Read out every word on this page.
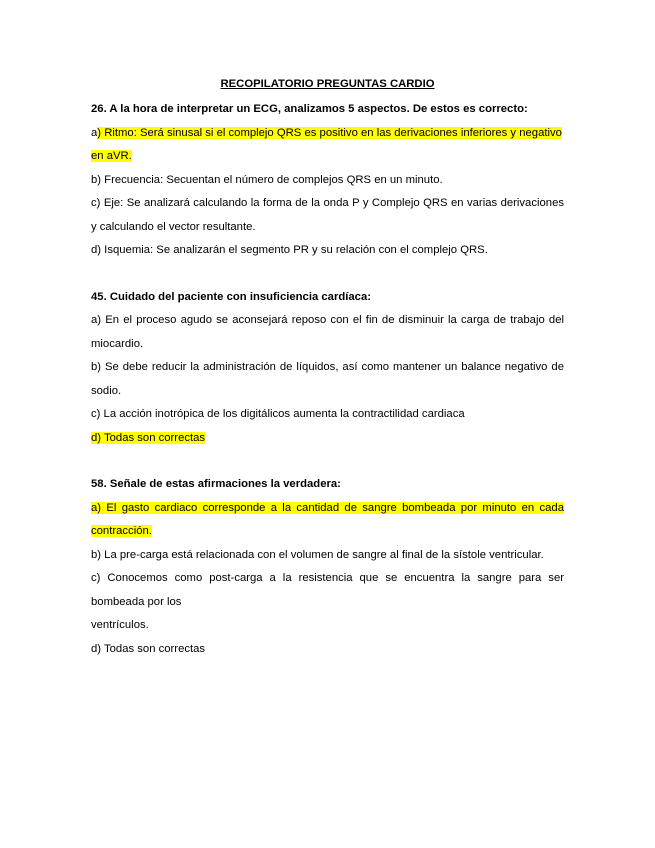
RECOPILATORIO PREGUNTAS CARDIO

26. A la hora de interpretar un ECG, analizamos 5 aspectos. De estos es correcto:

a) Ritmo: Será sinusal si el complejo QRS es positivo en las derivaciones inferiores y negativo en aVR.

b) Frecuencia: Secuentan el número de complejos QRS en un minuto.

c) Eje: Se analizará calculando la forma de la onda P y Complejo QRS en varias derivaciones y calculando el vector resultante.

d) Isquemia: Se analizarán el segmento PR y su relación con el complejo QRS.

45. Cuidado del paciente con insuficiencia cardíaca:

a) En el proceso agudo se aconsejará reposo con el fin de disminuir la carga de trabajo del miocardio.

b) Se debe reducir la administración de líquidos, así como mantener un balance negativo de sodio.

c) La acción inotrópica de los digitálicos aumenta la contractilidad cardiaca

d) Todas son correctas

58. Señale de estas afirmaciones la verdadera:

a) El gasto cardiaco corresponde a la cantidad de sangre bombeada por minuto en cada contracción.

b) La pre-carga está relacionada con el volumen de sangre al final de la sístole ventricular.

c) Conocemos como post-carga a la resistencia que se encuentra la sangre para ser bombeada por los

ventrículos.

d) Todas son correctas
